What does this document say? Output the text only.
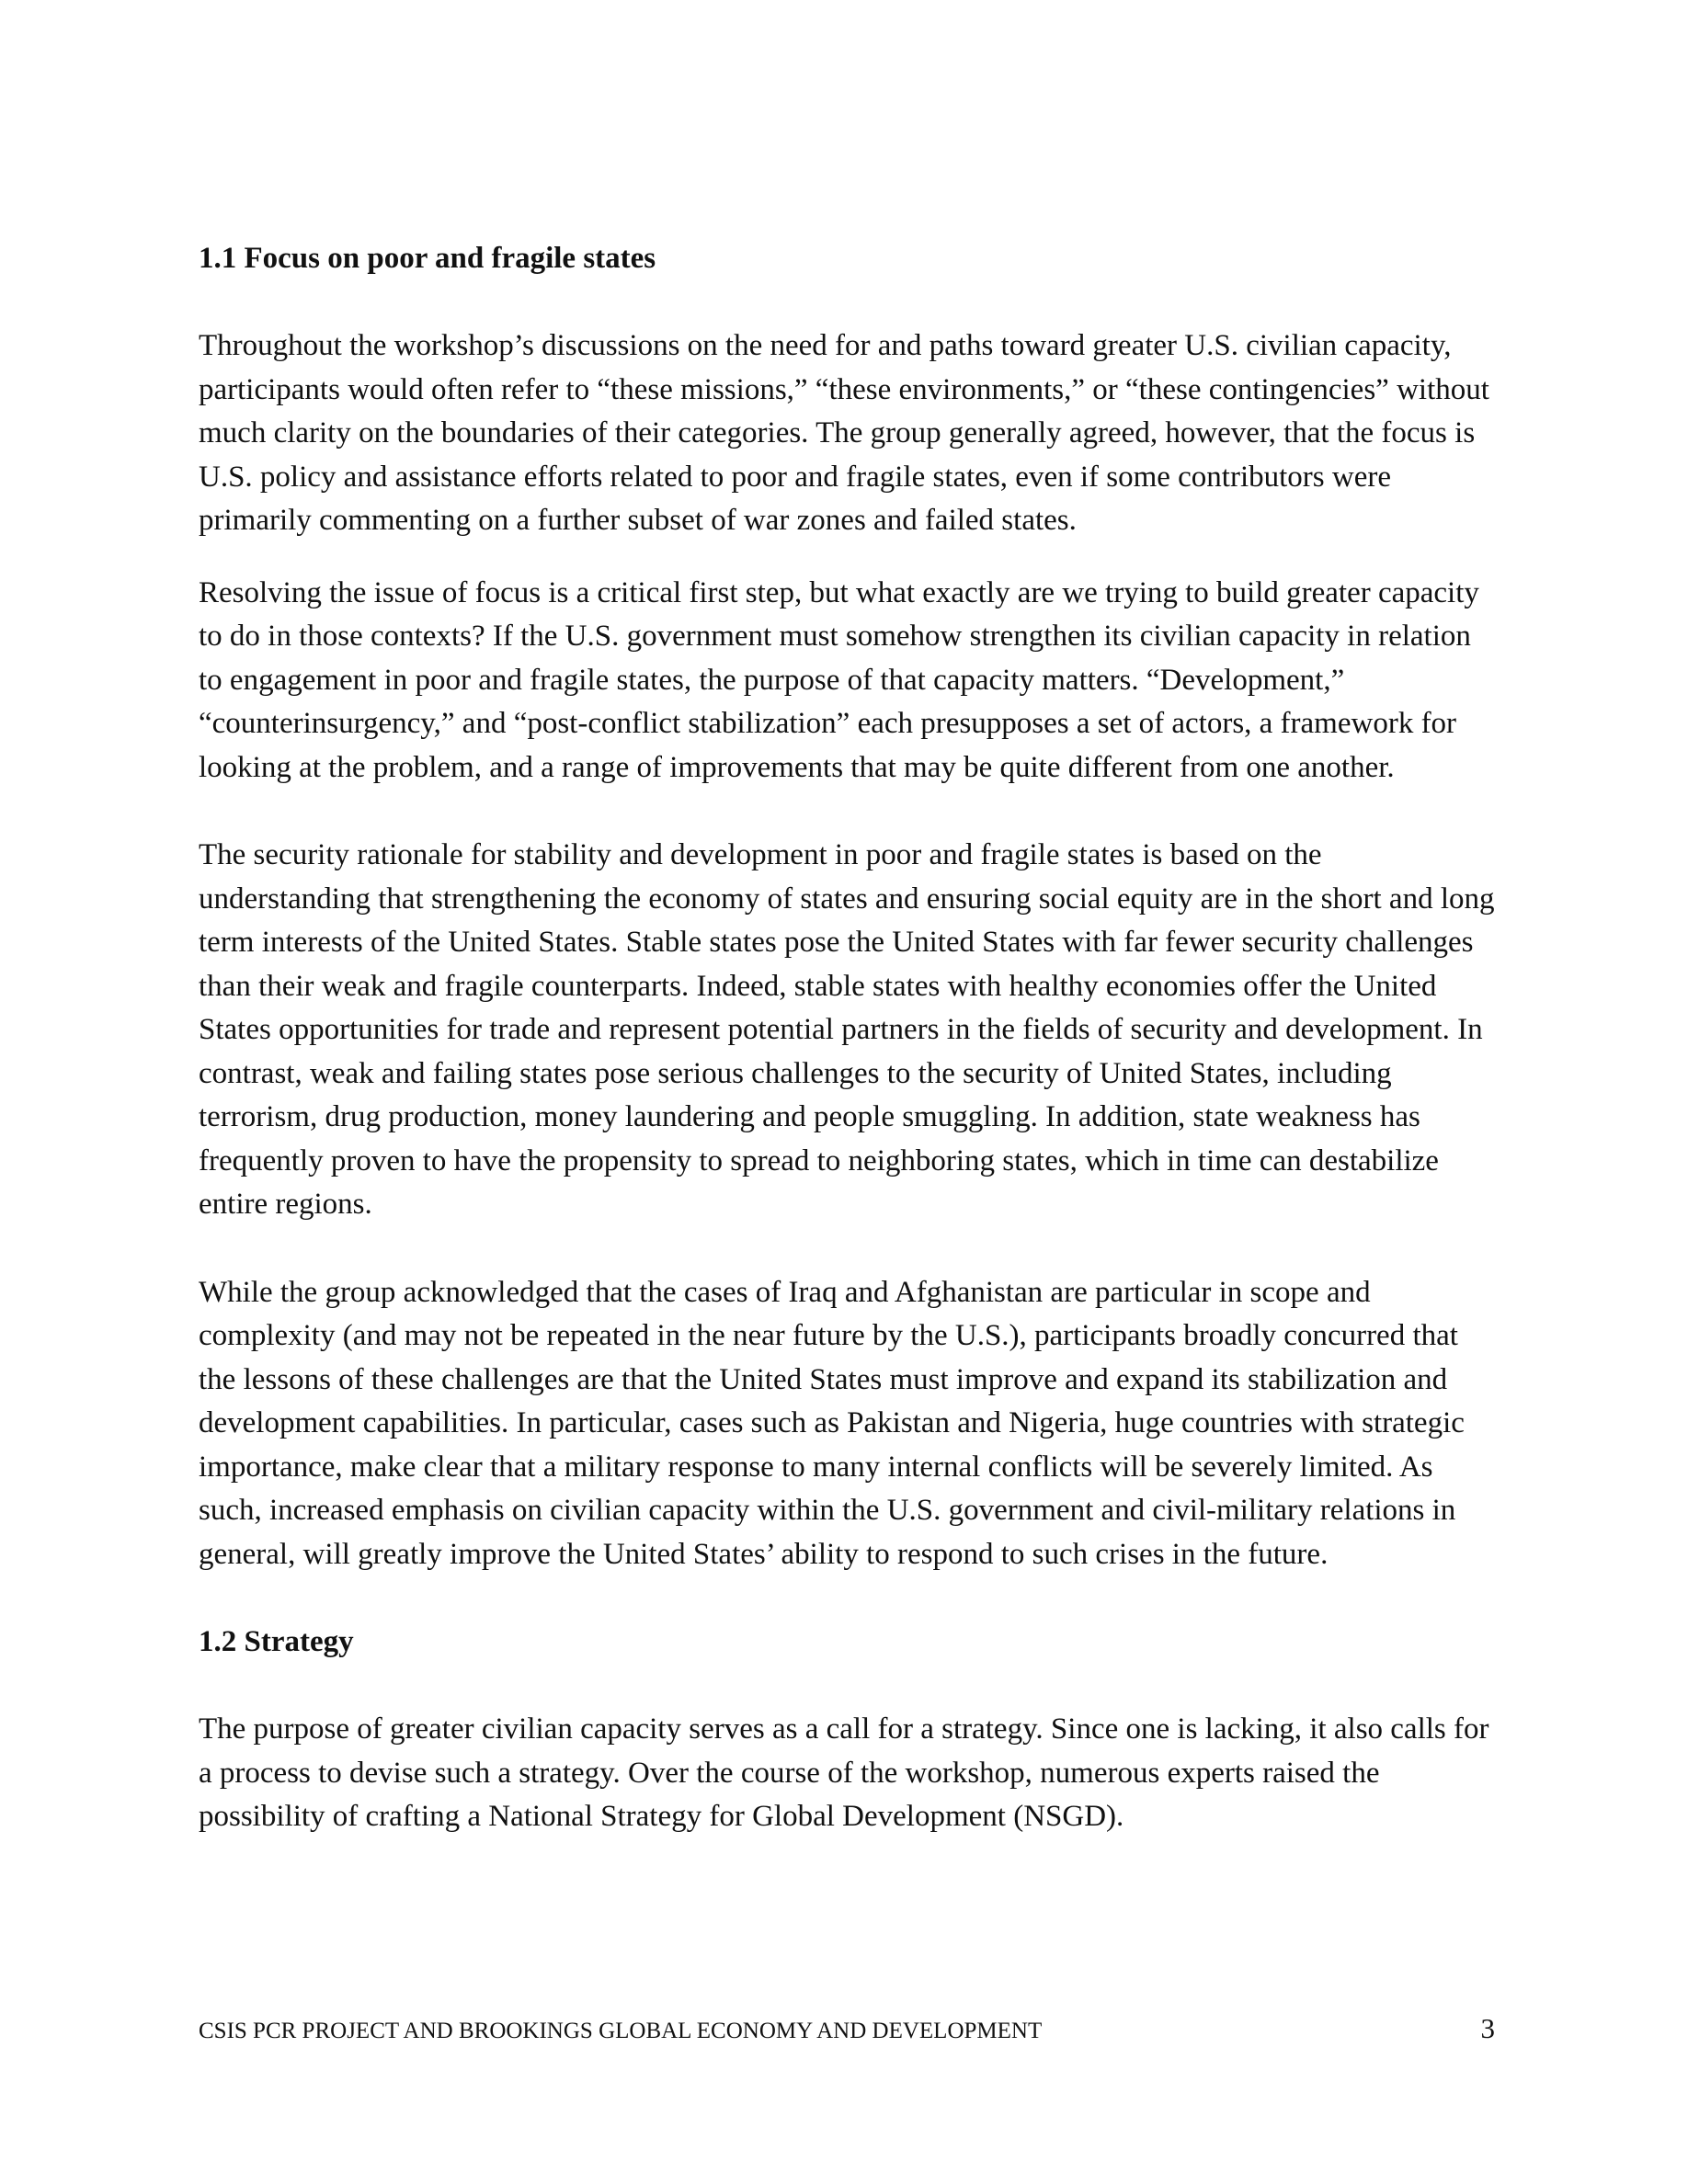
1.1 Focus on poor and fragile states

Throughout the workshop’s discussions on the need for and paths toward greater U.S. civilian capacity, participants would often refer to “these missions,” “these environments,” or “these contingencies” without much clarity on the boundaries of their categories. The group generally agreed, however, that the focus is U.S. policy and assistance efforts related to poor and fragile states, even if some contributors were primarily commenting on a further subset of war zones and failed states.

Resolving the issue of focus is a critical first step, but what exactly are we trying to build greater capacity to do in those contexts? If the U.S. government must somehow strengthen its civilian capacity in relation to engagement in poor and fragile states, the purpose of that capacity matters. “Development,” “counterinsurgency,” and “post-conflict stabilization” each presupposes a set of actors, a framework for looking at the problem, and a range of improvements that may be quite different from one another.

The security rationale for stability and development in poor and fragile states is based on the understanding that strengthening the economy of states and ensuring social equity are in the short and long term interests of the United States. Stable states pose the United States with far fewer security challenges than their weak and fragile counterparts. Indeed, stable states with healthy economies offer the United States opportunities for trade and represent potential partners in the fields of security and development. In contrast, weak and failing states pose serious challenges to the security of United States, including terrorism, drug production, money laundering and people smuggling. In addition, state weakness has frequently proven to have the propensity to spread to neighboring states, which in time can destabilize entire regions.

While the group acknowledged that the cases of Iraq and Afghanistan are particular in scope and complexity (and may not be repeated in the near future by the U.S.), participants broadly concurred that the lessons of these challenges are that the United States must improve and expand its stabilization and development capabilities. In particular, cases such as Pakistan and Nigeria, huge countries with strategic importance, make clear that a military response to many internal conflicts will be severely limited. As such, increased emphasis on civilian capacity within the U.S. government and civil-military relations in general, will greatly improve the United States’ ability to respond to such crises in the future.

1.2 Strategy

The purpose of greater civilian capacity serves as a call for a strategy. Since one is lacking, it also calls for a process to devise such a strategy. Over the course of the workshop, numerous experts raised the possibility of crafting a National Strategy for Global Development (NSGD).

CSIS PCR PROJECT AND BROOKINGS GLOBAL ECONOMY AND DEVELOPMENT	3
